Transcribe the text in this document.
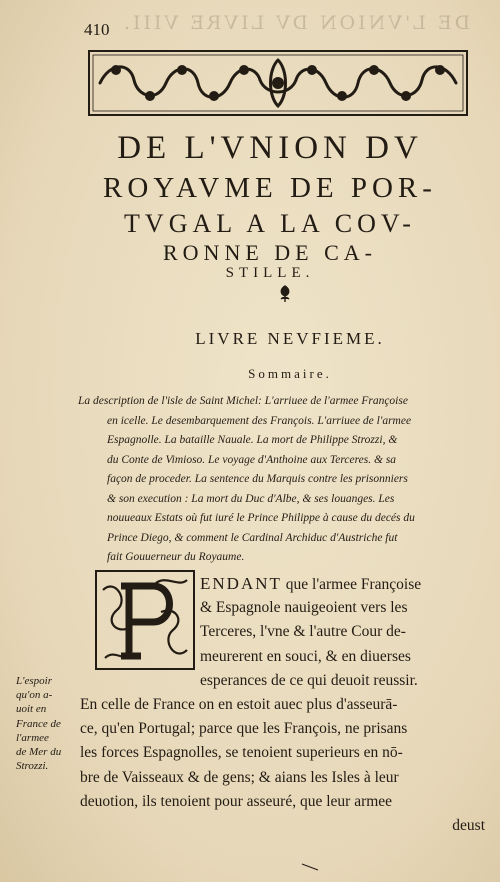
DE L'VNION DV LIVRE VIII.
410
DE L'VNION DV
ROYAVME DE POR-
TVGAL A LA COV-
RONNE DE CA-
STILLE.
LIVRE NEVFIEME.
Sommaire.
La description de l'isle de Saint Michel: L'arriuee de l'armee Françoise
en icelle. Le desembarquement des François. L'arriuee de l'armee
Espagnolle. La bataille Nauale. La mort de Philippe Strozzi, &
du Conte de Vimioso. Le voyage d'Anthoine aux Terceres. & sa
façon de proceder. La sentence du Marquis contre les prisonniers
& son execution : La mort du Duc d'Albe, & ses louanges. Les
nouueaux Estats où fut iuré le Prince Philippe à cause du decés du
Prince Diego, & comment le Cardinal Archiduc d'Austriche fut
fait Gouuerneur du Royaume.
ENDANT que l'armee Françoise
& Espagnole nauigeoient vers les
Terceres, l'vne & l'autre Cour de-
meurerent en souci, & en diuerses
esperances de ce qui deuoit reussir.
En celle de France on en estoit auec plus d'asseurā-
ce, qu'en Portugal; parce que les François, ne prisans
les forces Espagnolles, se tenoient superieurs en nō-
bre de Vaisseaux & de gens; & aians les Isles à leur
deuotion, ils tenoient pour asseuré, que leur armee
deust
L'espoir
qu'on a-
uoit en
France de
l'armee
de Mer du
Strozzi.
